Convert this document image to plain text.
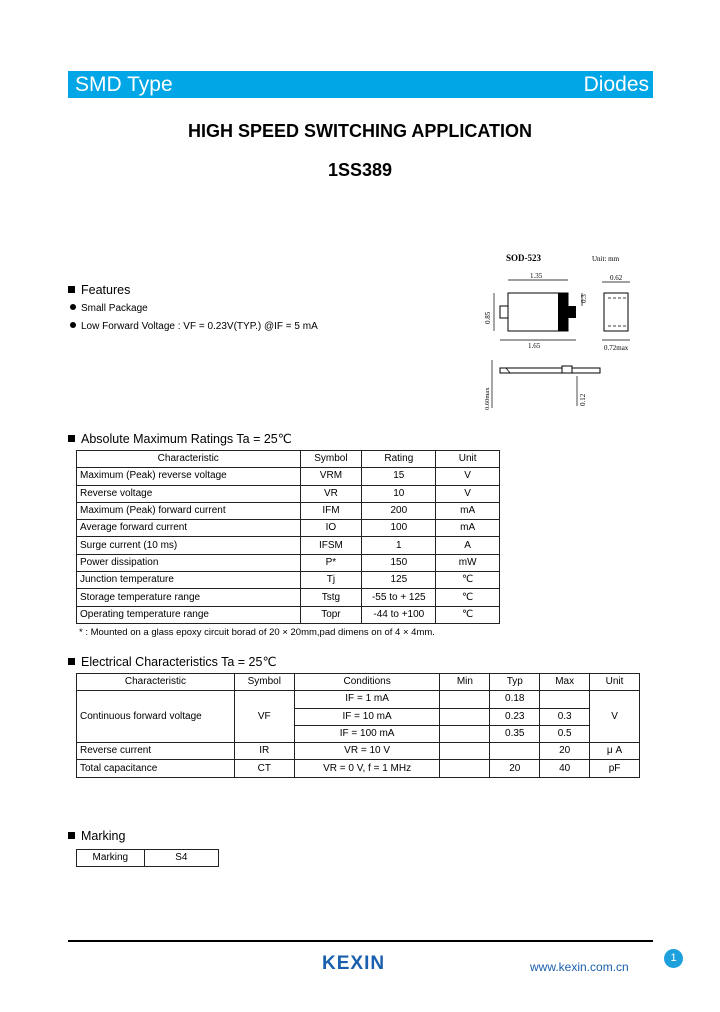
SMD Type	Diodes
HIGH SPEED SWITCHING APPLICATION
1SS389
SOD-523	Unit: mm
1.35
0.85
0.3
1.65
0.62
0.72max
0.60max	0.12
Features
Small Package
Low Forward Voltage : VF = 0.23V(TYP.) @IF = 5 mA
Absolute Maximum Ratings Ta = 25℃
Characteristic	Symbol	Rating	Unit
Maximum (Peak) reverse voltage	VRM	15	V
Reverse voltage	VR	10	V
Maximum (Peak) forward current	IFM	200	mA
Average forward current	IO	100	mA
Surge current (10 ms)	IFSM	1	A
Power dissipation	P*	150	mW
Junction temperature	Tj	125	℃
Storage temperature range	Tstg	-55 to + 125	℃
Operating temperature range	Topr	-44 to +100	℃
* : Mounted on a glass epoxy circuit borad of 20 × 20mm,pad dimens on of 4 × 4mm.
Electrical Characteristics Ta = 25℃
Characteristic	Symbol	Conditions	Min	Typ	Max	Unit
Continuous forward voltage	VF	IF = 1 mA		0.18		V
		IF = 10 mA		0.23	0.3	
		IF = 100 mA		0.35	0.5	
Reverse current	IR	VR = 10 V			20	μ A
Total capacitance	CT	VR = 0 V, f = 1 MHz		20	40	pF
Marking
Marking	S4
KEXIN	www.kexin.com.cn
1
